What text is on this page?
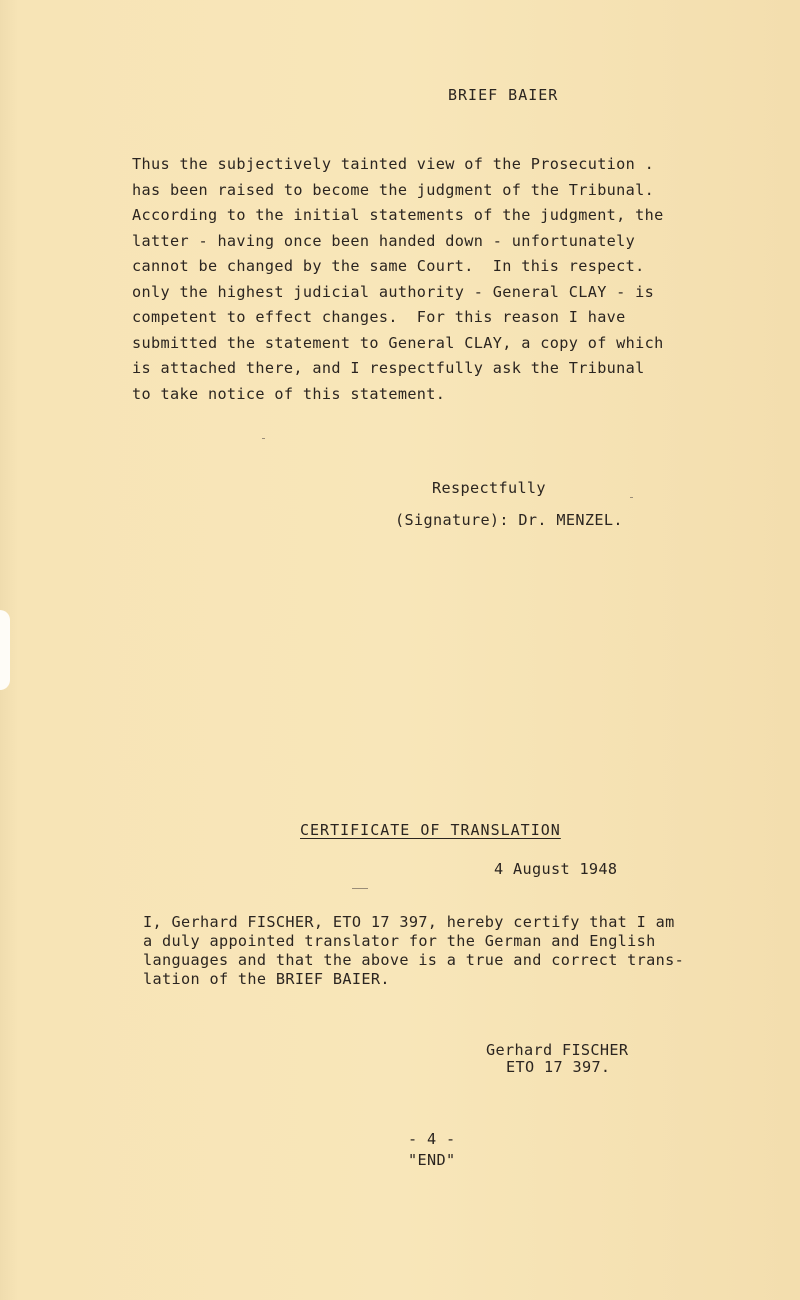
BRIEF BAIER
Thus the subjectively tainted view of the Prosecution .
has been raised to become the judgment of the Tribunal.
According to the initial statements of the judgment, the
latter - having once been handed down - unfortunately
cannot be changed by the same Court.  In this respect.
only the highest judicial authority - General CLAY - is
competent to effect changes.  For this reason I have
submitted the statement to General CLAY, a copy of which
is attached there, and I respectfully ask the Tribunal
to take notice of this statement.
Respectfully
(Signature): Dr. MENZEL.
CERTIFICATE OF TRANSLATION
4 August 1948
I, Gerhard FISCHER, ETO 17 397, hereby certify that I am
a duly appointed translator for the German and English
languages and that the above is a true and correct trans-
lation of the BRIEF BAIER.
Gerhard FISCHER
ETO 17 397.
- 4 -
"END"
